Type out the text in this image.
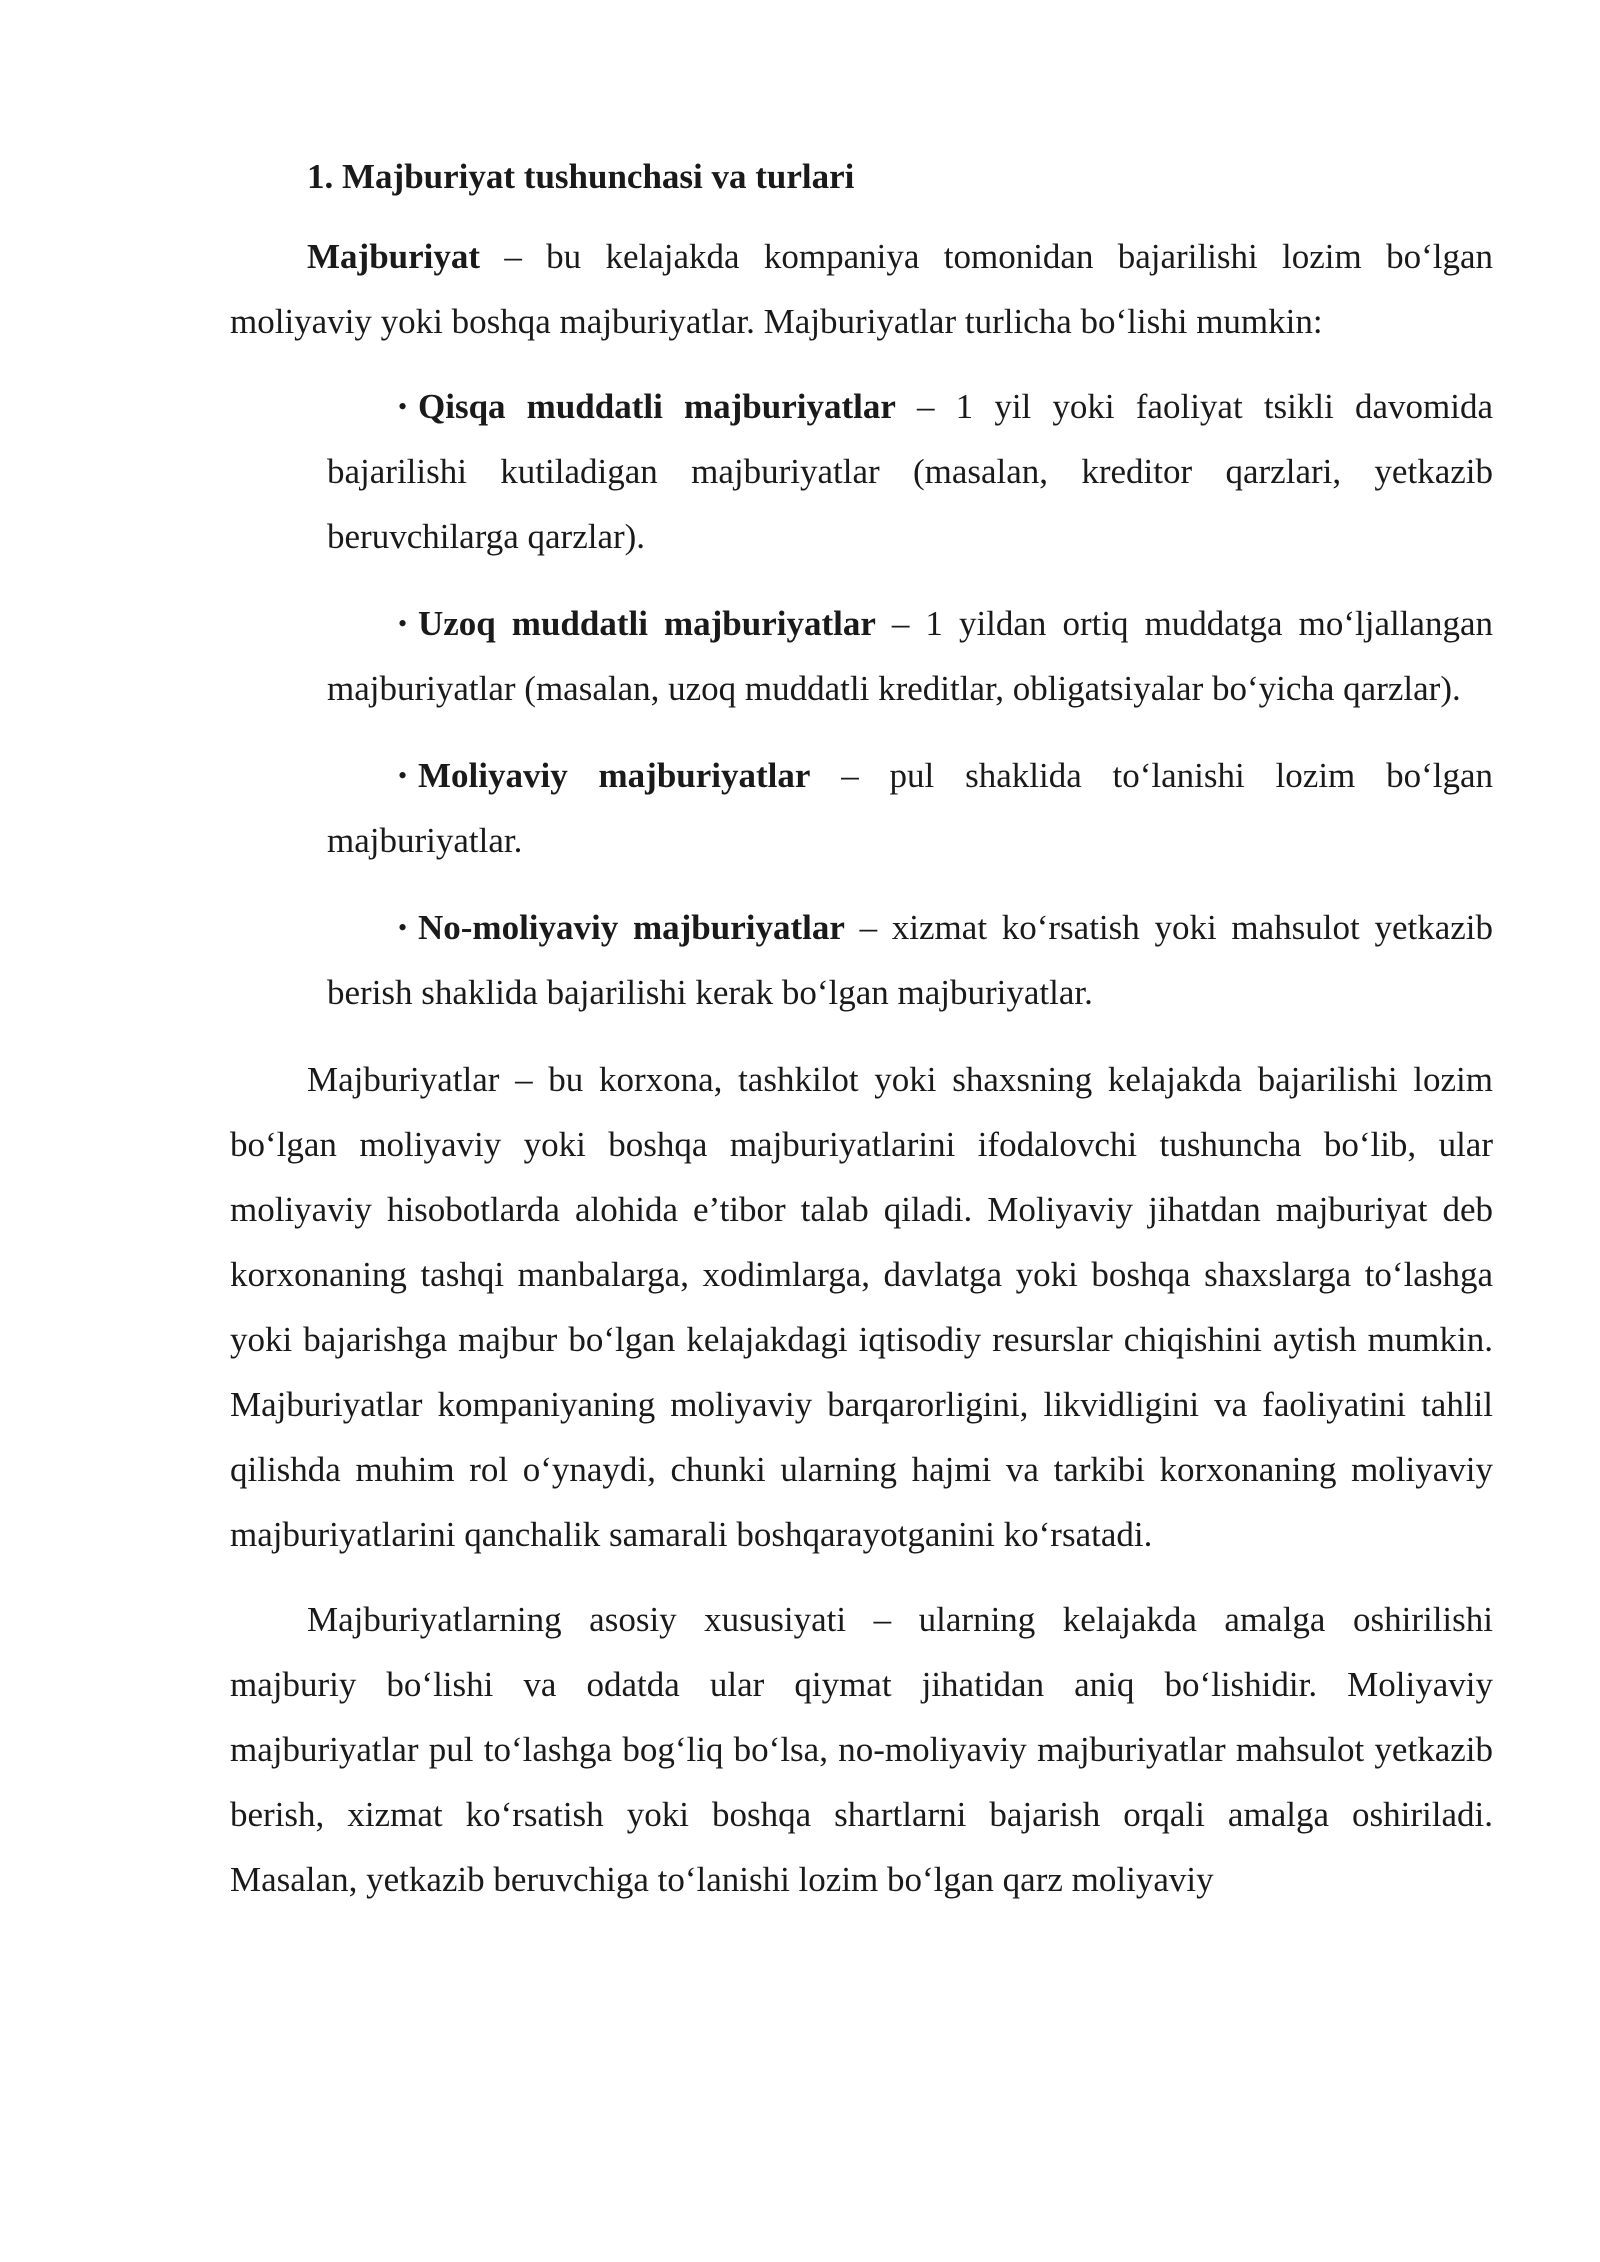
1. Majburiyat tushunchasi va turlari

Majburiyat – bu kelajakda kompaniya tomonidan bajarilishi lozim bo‘lgan moliyaviy yoki boshqa majburiyatlar. Majburiyatlar turlicha bo‘lishi mumkin:

• Qisqa muddatli majburiyatlar – 1 yil yoki faoliyat tsikli davomida bajarilishi kutiladigan majburiyatlar (masalan, kreditor qarzlari, yetkazib beruvchilarga qarzlar).
• Uzoq muddatli majburiyatlar – 1 yildan ortiq muddatga mo‘ljallangan majburiyatlar (masalan, uzoq muddatli kreditlar, obligatsiyalar bo‘yicha qarzlar).
• Moliyaviy majburiyatlar – pul shaklida to‘lanishi lozim bo‘lgan majburiyatlar.
• No-moliyaviy majburiyatlar – xizmat ko‘rsatish yoki mahsulot yetkazib berish shaklida bajarilishi kerak bo‘lgan majburiyatlar.

Majburiyatlar – bu korxona, tashkilot yoki shaxsning kelajakda bajarilishi lozim bo‘lgan moliyaviy yoki boshqa majburiyatlarini ifodalovchi tushuncha bo‘lib, ular moliyaviy hisobotlarda alohida e’tibor talab qiladi. Moliyaviy jihatdan majburiyat deb korxonaning tashqi manbalarga, xodimlarga, davlatga yoki boshqa shaxslarga to‘lashga yoki bajarishga majbur bo‘lgan kelajakdagi iqtisodiy resurslar chiqishini aytish mumkin. Majburiyatlar kompaniyaning moliyaviy barqarorligini, likvidligini va faoliyatini tahlil qilishda muhim rol o‘ynaydi, chunki ularning hajmi va tarkibi korxonaning moliyaviy majburiyatlarini qanchalik samarali boshqarayotganini ko‘rsatadi.

Majburiyatlarning asosiy xususiyati – ularning kelajakda amalga oshirilishi majburiy bo‘lishi va odatda ular qiymat jihatidan aniq bo‘lishidir. Moliyaviy majburiyatlar pul to‘lashga bog‘liq bo‘lsa, no-moliyaviy majburiyatlar mahsulot yetkazib berish, xizmat ko‘rsatish yoki boshqa shartlarni bajarish orqali amalga oshiriladi. Masalan, yetkazib beruvchiga to‘lanishi lozim bo‘lgan qarz moliyaviy
